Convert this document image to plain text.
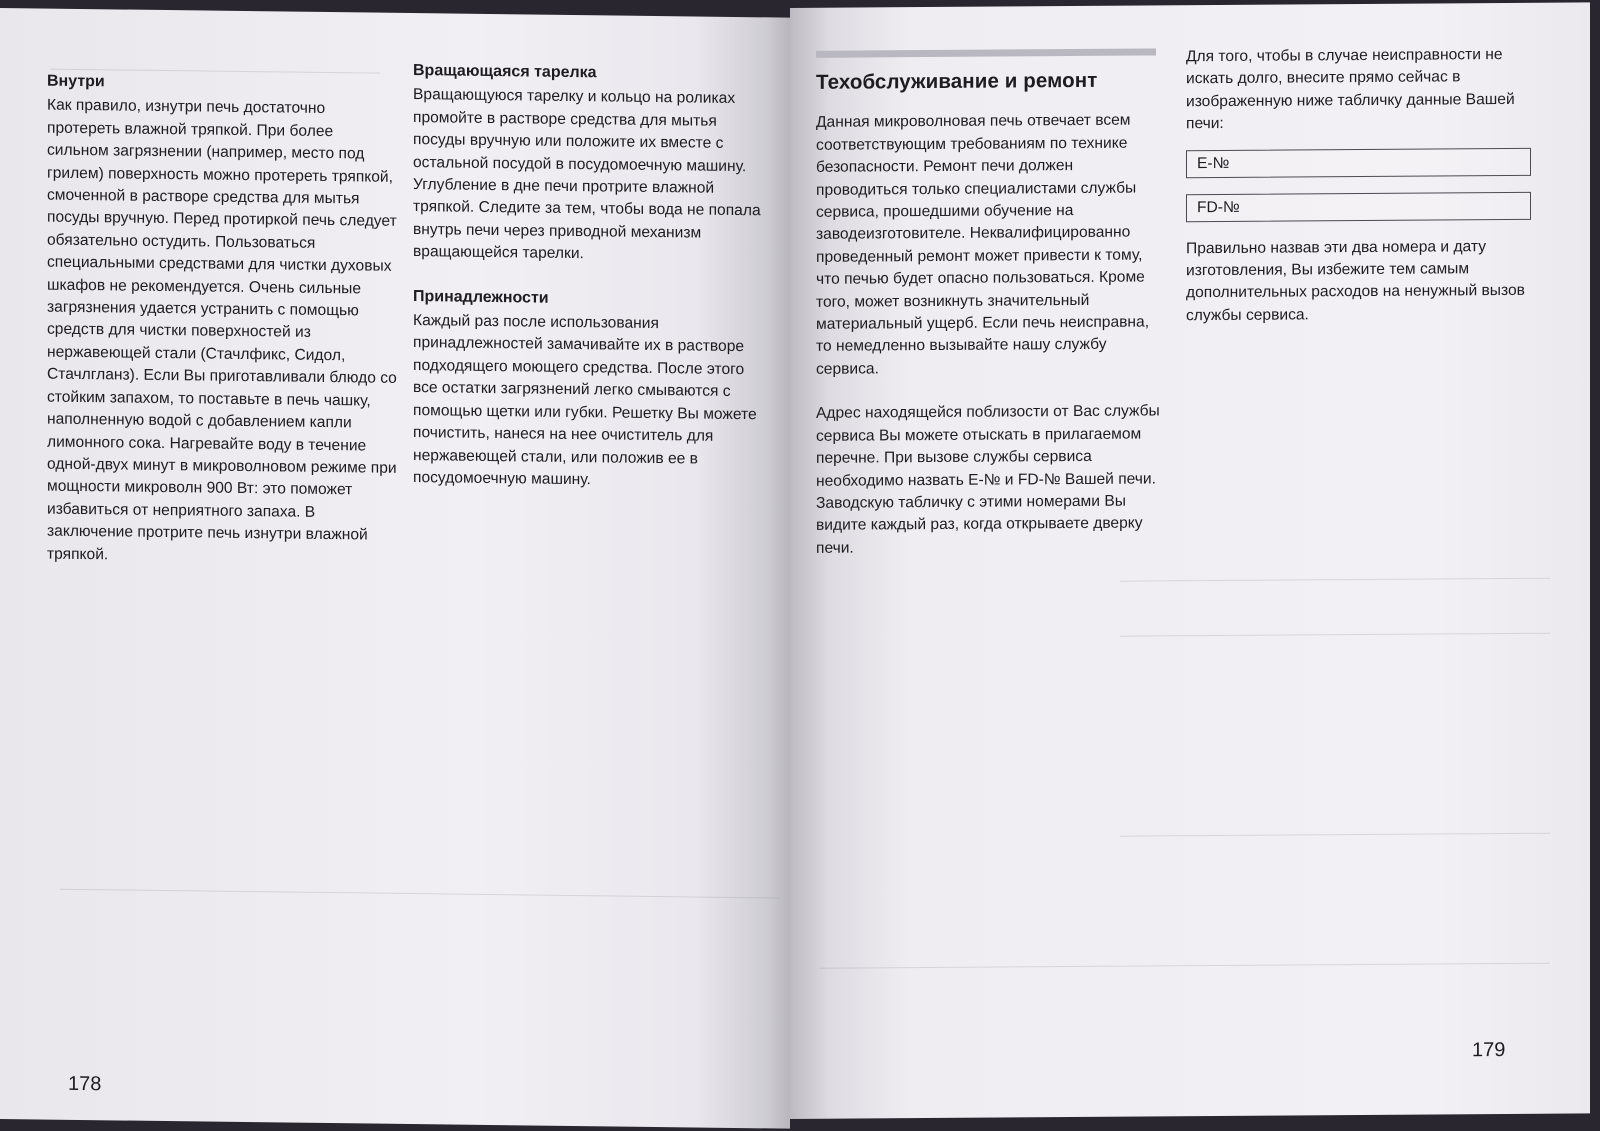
Внутри

Как правило, изнутри печь достаточно протереть влажной тряпкой. При более сильном загрязнении (например, место под грилем) поверхность можно протереть тряпкой, смоченной в растворе средства для мытья посуды вручную. Перед протиркой печь следует обязательно остудить. Пользоваться специальными средствами для чистки духовых шкафов не рекомендуется. Очень сильные загрязнения удается устранить с помощью средств для чистки поверхностей из нержавеющей стали (Стачлфикс, Сидол, Стачлгланз). Если Вы приготавливали блюдо со стойким запахом, то поставьте в печь чашку, наполненную водой с добавлением капли лимонного сока. Нагревайте воду в течение одной-двух минут в микроволновом режиме при мощности микроволн 900 Вт: это поможет избавиться от неприятного запаха. В заключение протрите печь изнутри влажной тряпкой.

Вращающаяся тарелка

Вращающуюся тарелку и кольцо на роликах промойте в растворе средства для мытья посуды вручную или положите их вместе с остальной посудой в посудомоечную машину. Углубление в дне печи протрите влажной тряпкой. Следите за тем, чтобы вода не попала внутрь печи через приводной механизм вращающейся тарелки.

Принадлежности

Каждый раз после использования принадлежностей замачивайте их в растворе подходящего моющего средства. После этого все остатки загрязнений легко смываются с помощью щетки или губки. Решетку Вы можете почистить, нанеся на нее очиститель для нержавеющей стали, или положив ее в посудомоечную машину.

178
Техобслуживание и ремонт

Данная микроволновая печь отвечает всем соответствующим требованиям по технике безопасности. Ремонт печи должен проводиться только специалистами службы сервиса, прошедшими обучение на заводеизготовителе. Неквалифицированно проведенный ремонт может привести к тому, что печью будет опасно пользоваться. Кроме того, может возникнуть значительный материальный ущерб. Если печь неисправна, то немедленно вызывайте нашу службу сервиса.

Адрес находящейся поблизости от Вас службы сервиса Вы можете отыскать в прилагаемом перечне. При вызове службы сервиса необходимо назвать E-№ и FD-№ Вашей печи. Заводскую табличку с этими номерами Вы видите каждый раз, когда открываете дверку печи.

Для того, чтобы в случае неисправности не искать долго, внесите прямо сейчас в изображенную ниже табличку данные Вашей печи:

E-№
FD-№

Правильно назвав эти два номера и дату изготовления, Вы избежите тем самым дополнительных расходов на ненужный вызов службы сервиса.

179
